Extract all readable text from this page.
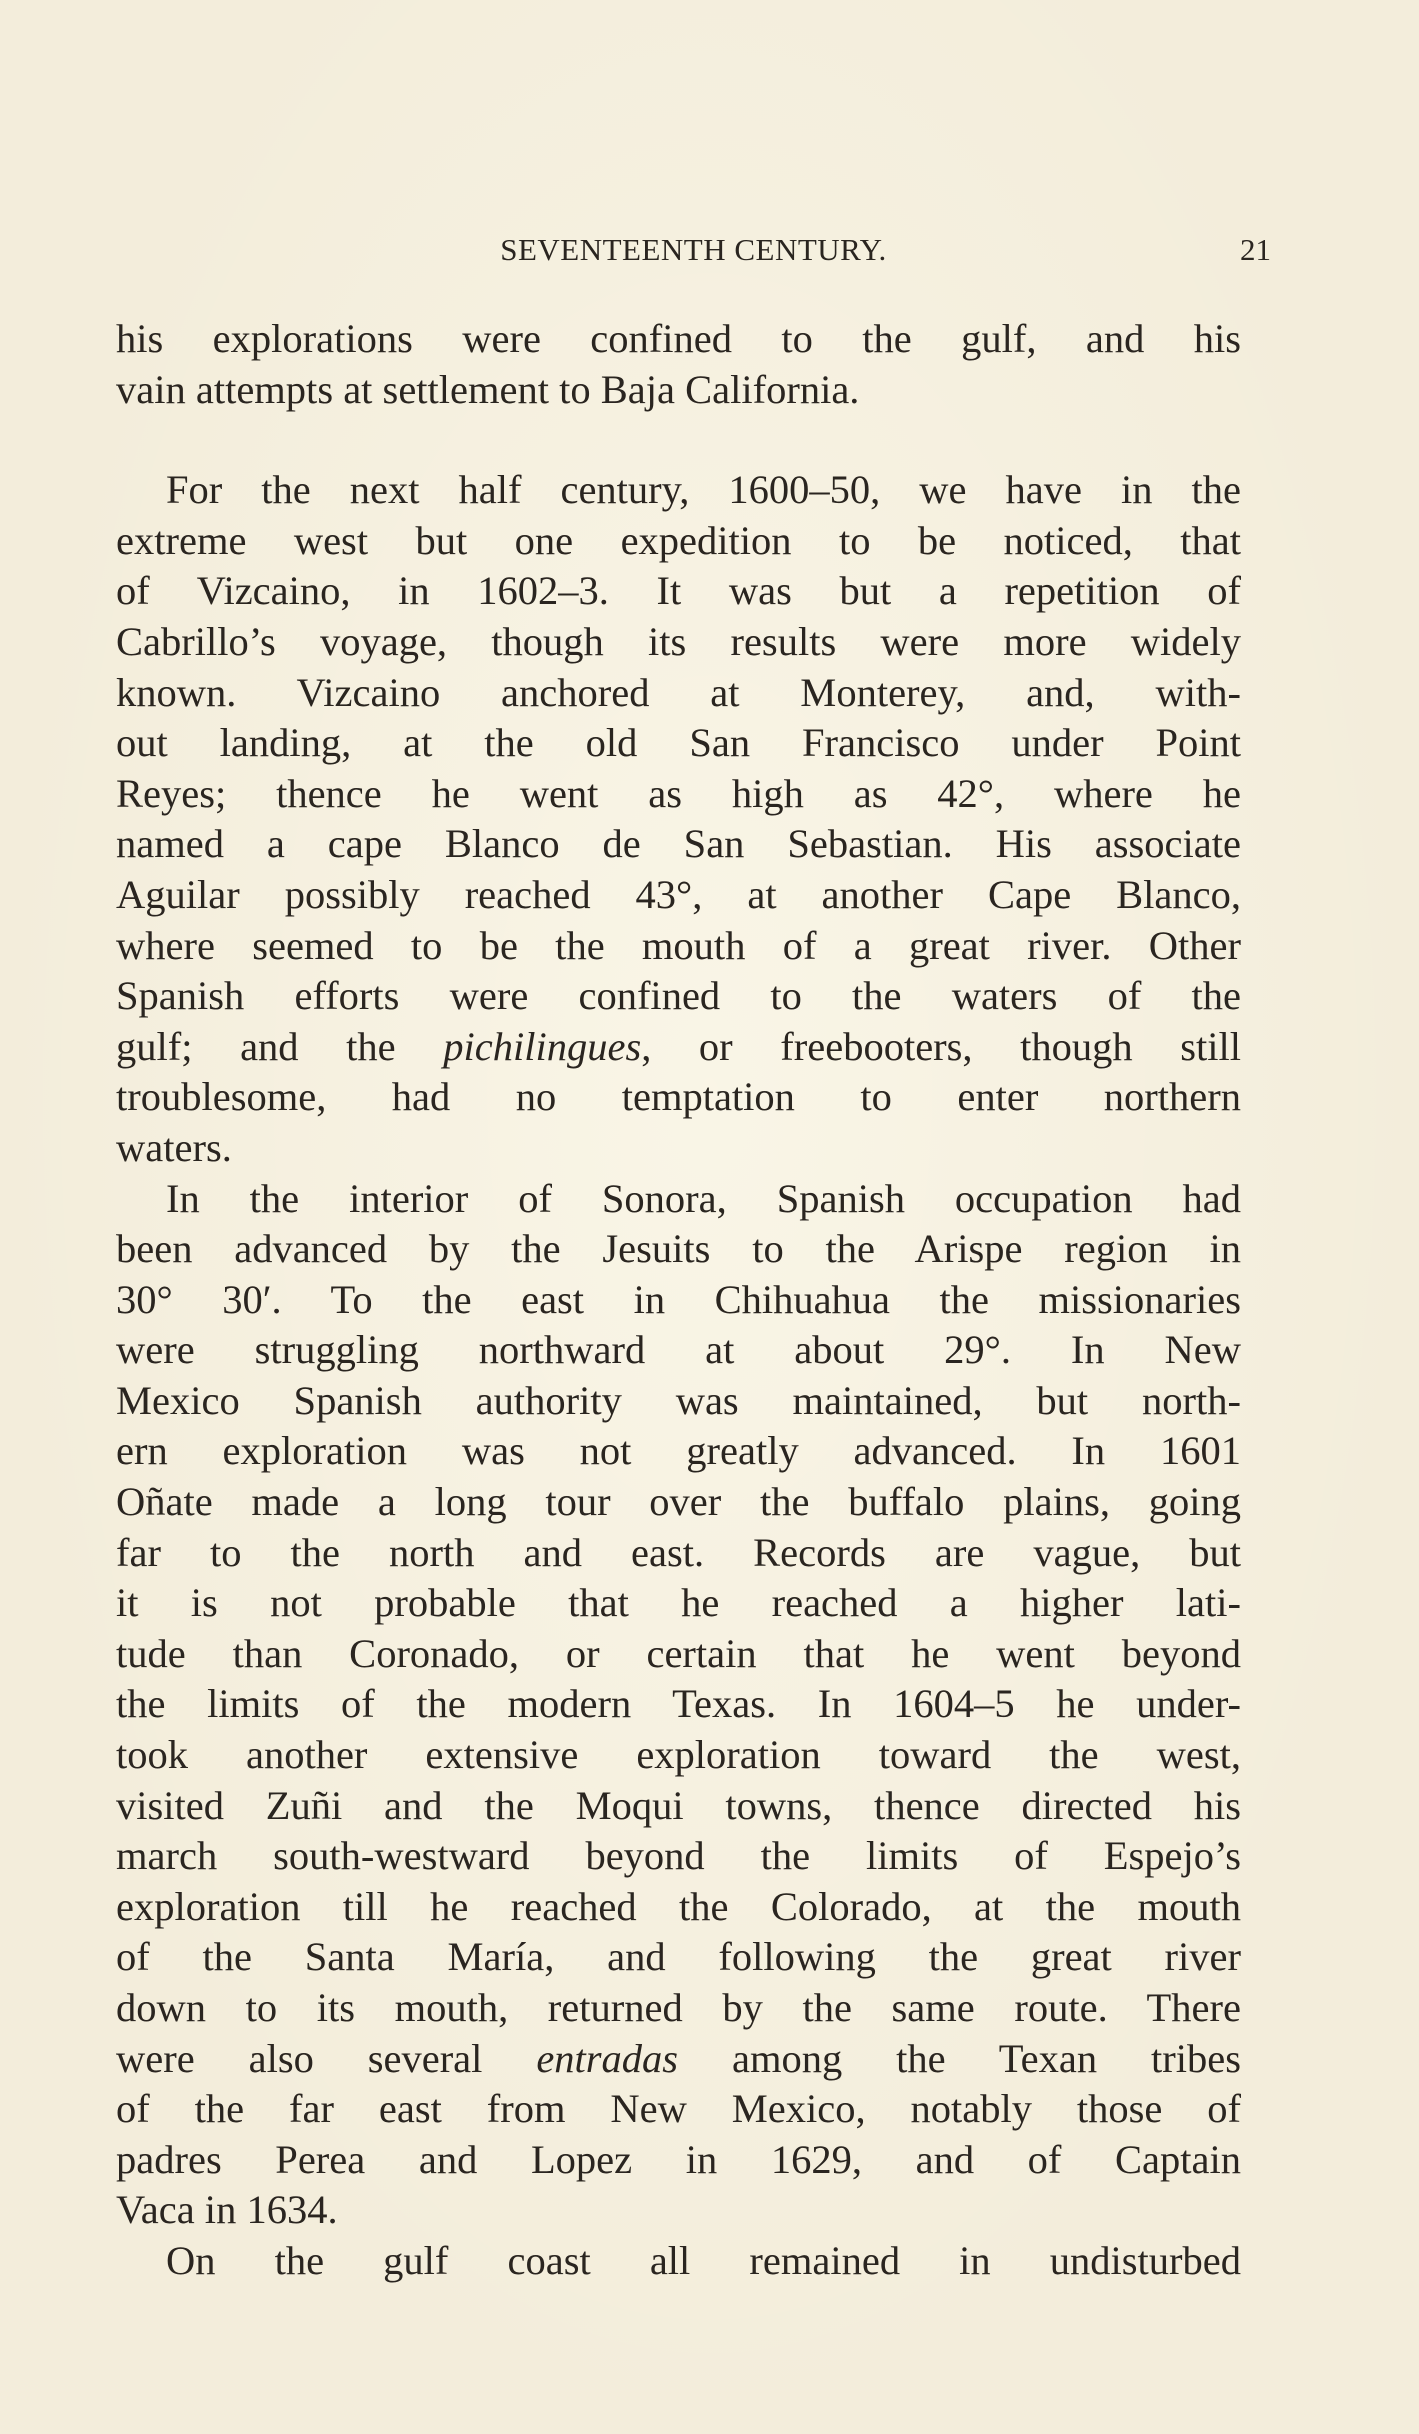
SEVENTEENTH CENTURY.	21
his explorations were confined to the gulf, and his
vain attempts at settlement to Baja California.
For the next half century, 1600–50, we have in the
extreme west but one expedition to be noticed, that
of Vizcaino, in 1602–3. It was but a repetition of
Cabrillo’s voyage, though its results were more widely
known. Vizcaino anchored at Monterey, and, with-
out landing, at the old San Francisco under Point
Reyes; thence he went as high as 42°, where he
named a cape Blanco de San Sebastian. His associate
Aguilar possibly reached 43°, at another Cape Blanco,
where seemed to be the mouth of a great river. Other
Spanish efforts were confined to the waters of the
gulf; and the pichilingues, or freebooters, though still
troublesome, had no temptation to enter northern
waters.
In the interior of Sonora, Spanish occupation had
been advanced by the Jesuits to the Arispe region in
30° 30′. To the east in Chihuahua the missionaries
were struggling northward at about 29°. In New
Mexico Spanish authority was maintained, but north-
ern exploration was not greatly advanced. In 1601
Oñate made a long tour over the buffalo plains, going
far to the north and east. Records are vague, but
it is not probable that he reached a higher lati-
tude than Coronado, or certain that he went beyond
the limits of the modern Texas. In 1604–5 he under-
took another extensive exploration toward the west,
visited Zuñi and the Moqui towns, thence directed his
march south-westward beyond the limits of Espejo’s
exploration till he reached the Colorado, at the mouth
of the Santa María, and following the great river
down to its mouth, returned by the same route. There
were also several entradas among the Texan tribes
of the far east from New Mexico, notably those of
padres Perea and Lopez in 1629, and of Captain
Vaca in 1634.
On the gulf coast all remained in undisturbed
